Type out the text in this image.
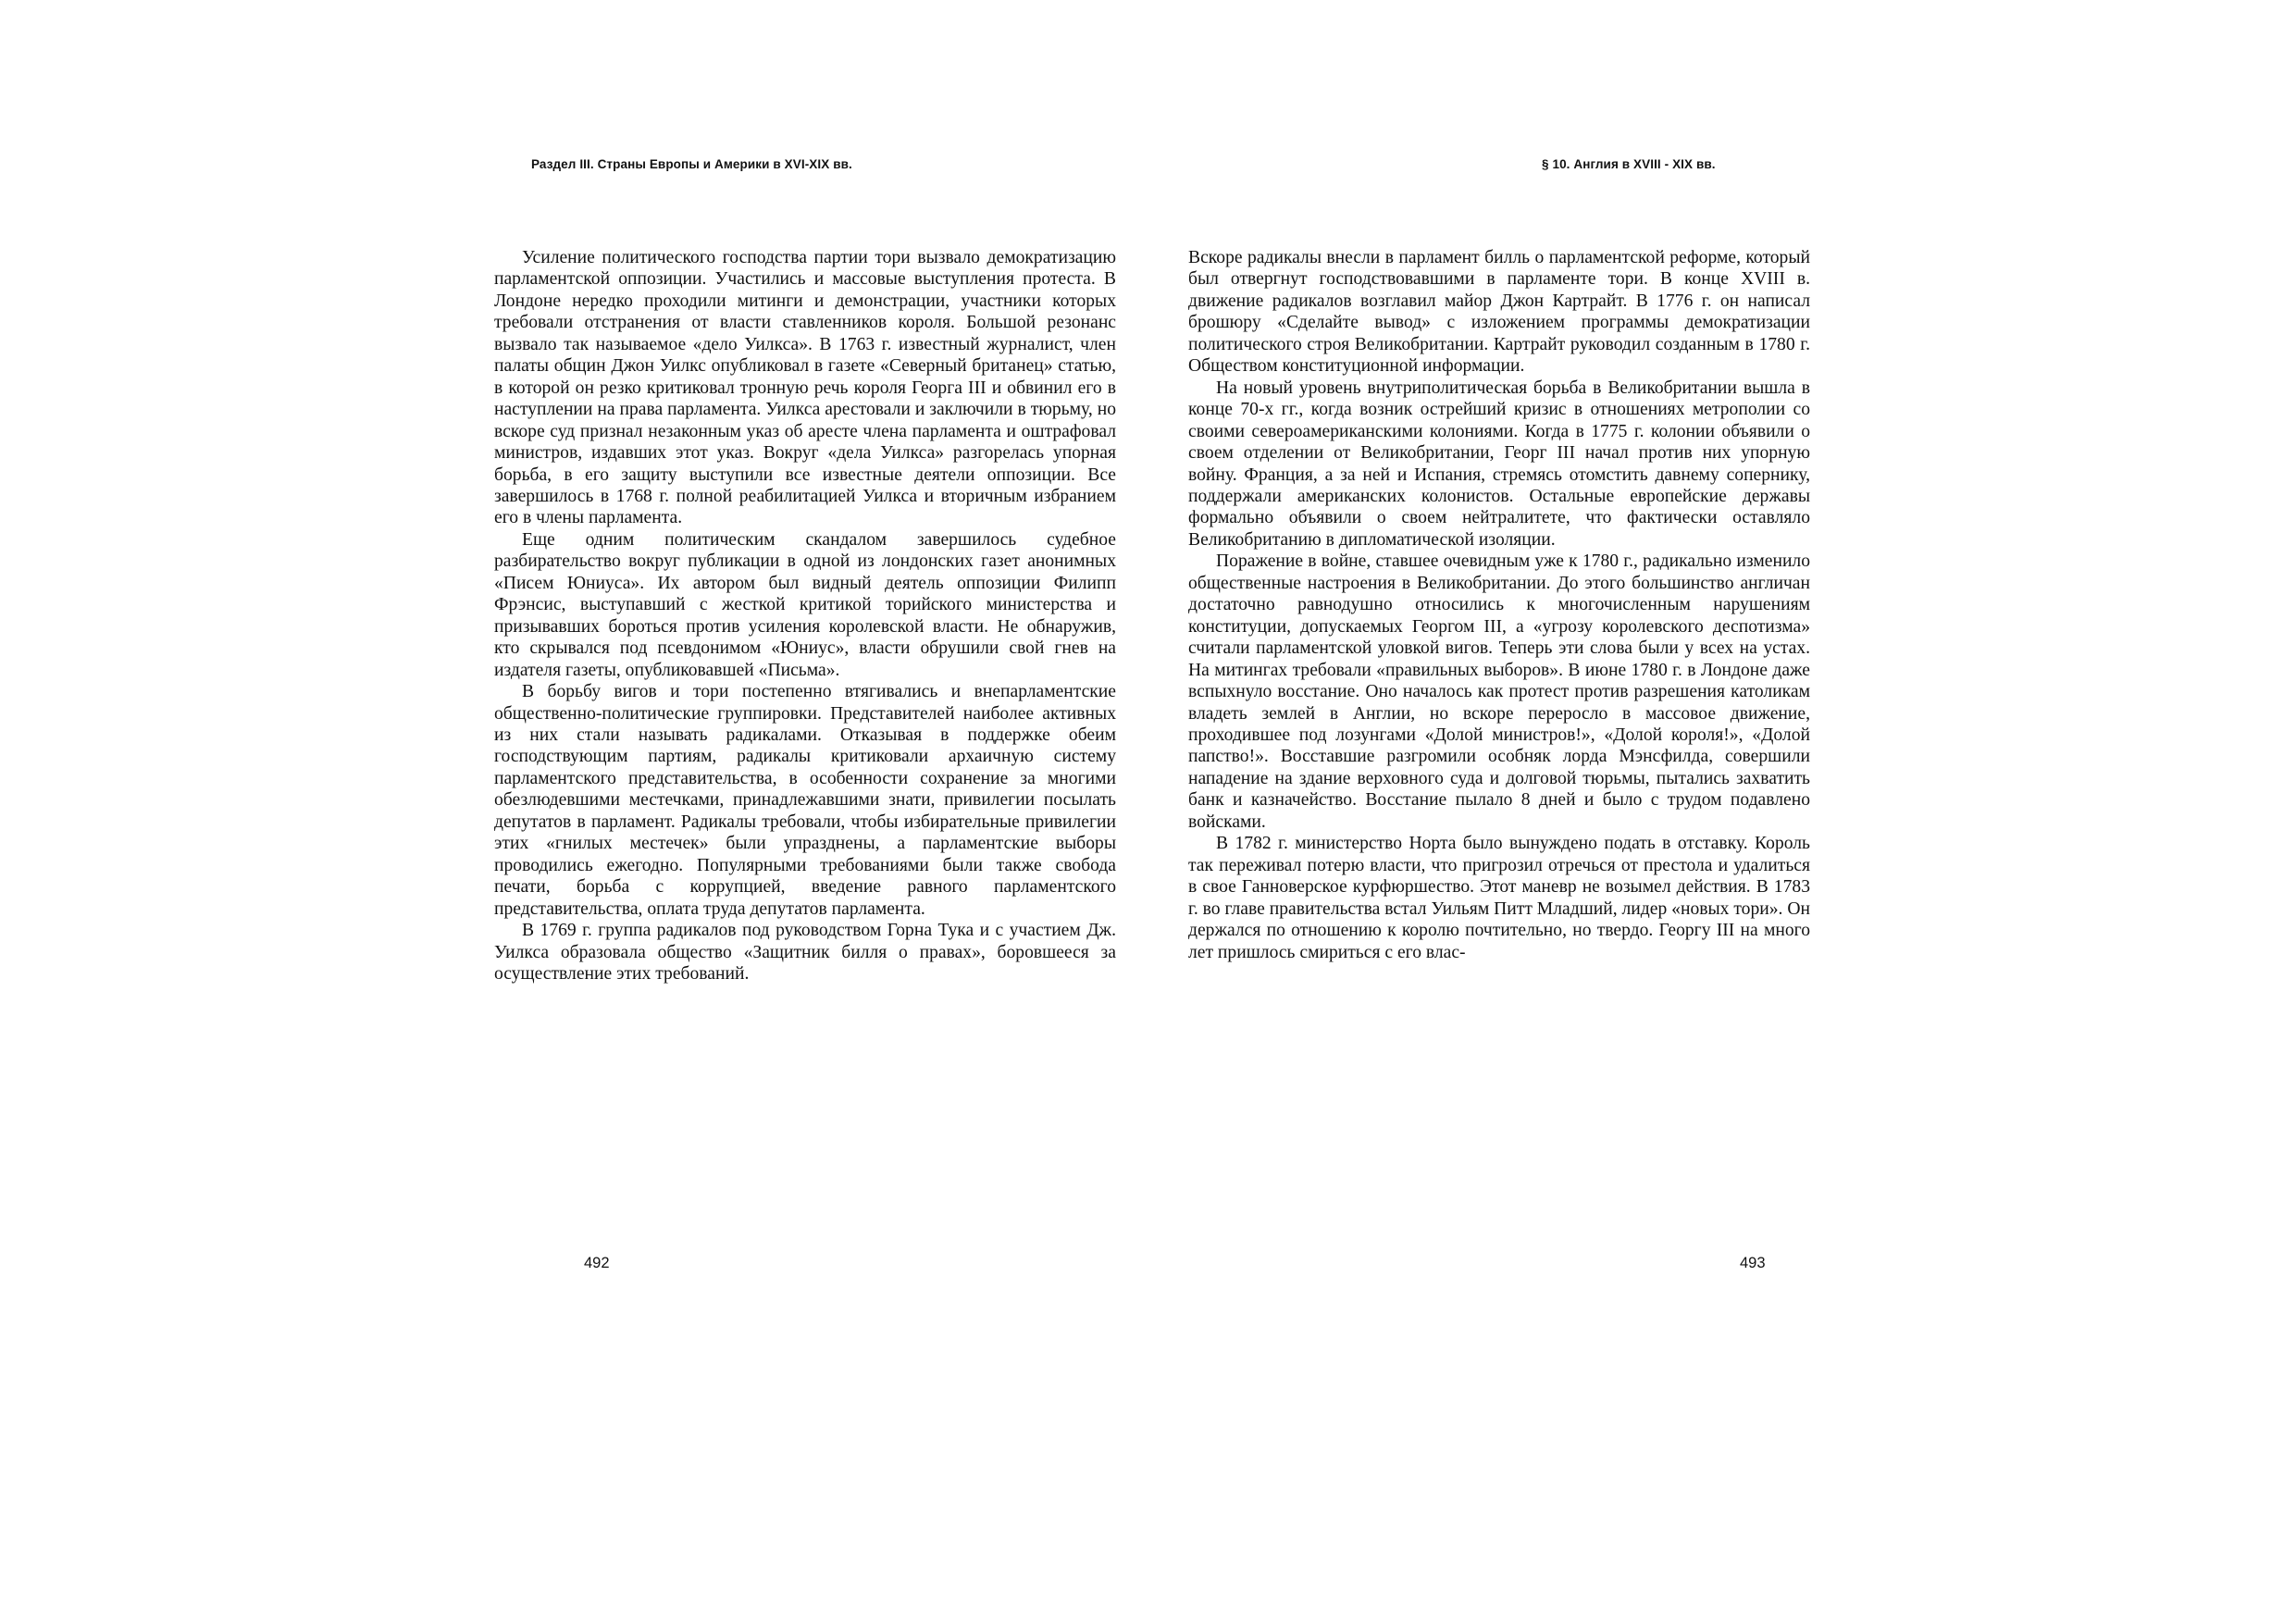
Раздел III. Страны Европы и Америки в XVI-XIX вв.

Усиление политического господства партии тори вызвало демократизацию парламентской оппозиции. Участились и массовые выступления протеста. В Лондоне нередко проходили митинги и демонстрации, участники которых требовали отстранения от власти ставленников короля. Большой резонанс вызвало так называемое «дело Уилкса». В 1763 г. известный журналист, член палаты общин Джон Уилкс опубликовал в газете «Северный британец» статью, в которой он резко критиковал тронную речь короля Георга III и обвинил его в наступлении на права парламента. Уилкса арестовали и заключили в тюрьму, но вскоре суд признал незаконным указ об аресте члена парламента и оштрафовал министров, издавших этот указ. Вокруг «дела Уилкса» разгорелась упорная борьба, в его защиту выступили все известные деятели оппозиции. Все завершилось в 1768 г. полной реабилитацией Уилкса и вторичным избранием его в члены парламента.

Еще одним политическим скандалом завершилось судебное разбирательство вокруг публикации в одной из лондонских газет анонимных «Писем Юниуса». Их автором был видный деятель оппозиции Филипп Фрэнсис, выступавший с жесткой критикой торийского министерства и призывавших бороться против усиления королевской власти. Не обнаружив, кто скрывался под псевдонимом «Юниус», власти обрушили свой гнев на издателя газеты, опубликовавшей «Письма».

В борьбу вигов и тори постепенно втягивались и внепарламентские общественно-политические группировки. Представителей наиболее активных из них стали называть радикалами. Отказывая в поддержке обеим господствующим партиям, радикалы критиковали архаичную систему парламентского представительства, в особенности сохранение за многими обезлюдевшими местечками, принадлежавшими знати, привилегии посылать депутатов в парламент. Радикалы требовали, чтобы избирательные привилегии этих «гнилых местечек» были упразднены, а парламентские выборы проводились ежегодно. Популярными требованиями были также свобода печати, борьба с коррупцией, введение равного парламентского представительства, оплата труда депутатов парламента.

В 1769 г. группа радикалов под руководством Горна Тука и с участием Дж. Уилкса образовала общество «Защитник билля о правах», боровшееся за осуществление этих требований.

492
§ 10. Англия в XVIII - XIX вв.

Вскоре радикалы внесли в парламент билль о парламентской реформе, который был отвергнут господствовавшими в парламенте тори. В конце XVIII в. движение радикалов возглавил майор Джон Картрайт. В 1776 г. он написал брошюру «Сделайте вывод» с изложением программы демократизации политического строя Великобритании. Картрайт руководил созданным в 1780 г. Обществом конституционной информации.

На новый уровень внутриполитическая борьба в Великобритании вышла в конце 70-х гг., когда возник острейший кризис в отношениях метрополии со своими североамериканскими колониями. Когда в 1775 г. колонии объявили о своем отделении от Великобритании, Георг III начал против них упорную войну. Франция, а за ней и Испания, стремясь отомстить давнему сопернику, поддержали американских колонистов. Остальные европейские державы формально объявили о своем нейтралитете, что фактически оставляло Великобританию в дипломатической изоляции.

Поражение в войне, ставшее очевидным уже к 1780 г., радикально изменило общественные настроения в Великобритании. До этого большинство англичан достаточно равнодушно относились к многочисленным нарушениям конституции, допускаемых Георгом III, а «угрозу королевского деспотизма» считали парламентской уловкой вигов. Теперь эти слова были у всех на устах. На митингах требовали «правильных выборов». В июне 1780 г. в Лондоне даже вспыхнуло восстание. Оно началось как протест против разрешения католикам владеть землей в Англии, но вскоре переросло в массовое движение, проходившее под лозунгами «Долой министров!», «Долой короля!», «Долой папство!». Восставшие разгромили особняк лорда Мэнсфилда, совершили нападение на здание верховного суда и долговой тюрьмы, пытались захватить банк и казначейство. Восстание пылало 8 дней и было с трудом подавлено войсками.

В 1782 г. министерство Норта было вынуждено подать в отставку. Король так переживал потерю власти, что пригрозил отречься от престола и удалиться в свое Ганноверское курфюршество. Этот маневр не возымел действия. В 1783 г. во главе правительства встал Уильям Питт Младший, лидер «новых тори». Он держался по отношению к королю почтительно, но твердо. Георгу III на много лет пришлось смириться с его влас-

493
